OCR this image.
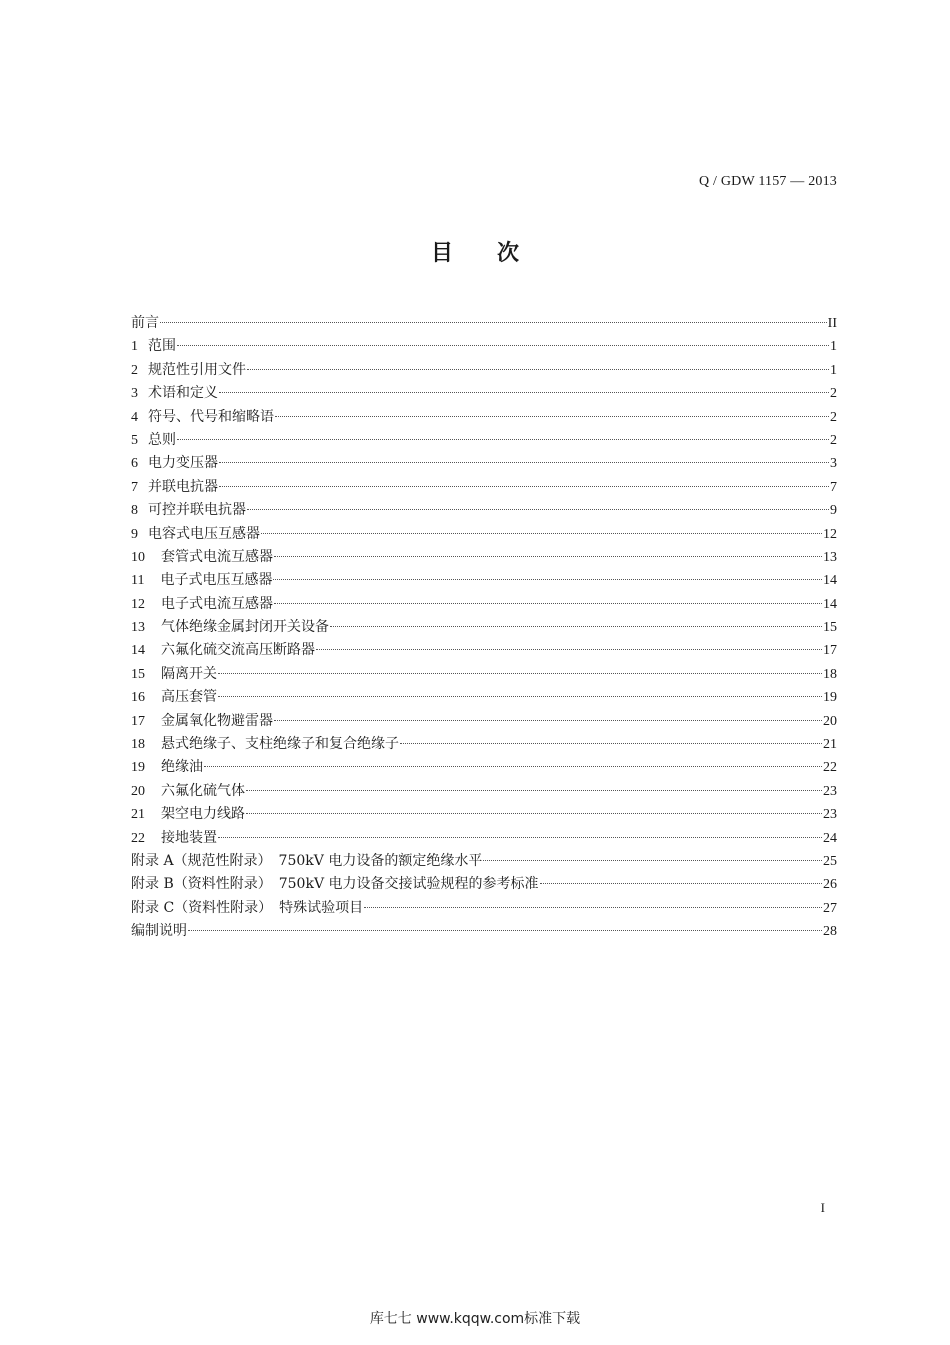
Q / GDW 1157 — 2013
目　　次
前言	II
1 范围	1
2 规范性引用文件	1
3 术语和定义	2
4 符号、代号和缩略语	2
5 总则	2
6 电力变压器	3
7 并联电抗器	7
8 可控并联电抗器	9
9 电容式电压互感器	12
10	套管式电流互感器	13
11	电子式电压互感器	14
12	电子式电流互感器	14
13	气体绝缘金属封闭开关设备	15
14	六氟化硫交流高压断路器	17
15	隔离开关	18
16	高压套管	19
17	金属氧化物避雷器	20
18	悬式绝缘子、支柱绝缘子和复合绝缘子	21
19	绝缘油	22
20	六氟化硫气体	23
21	架空电力线路	23
22	接地装置	24
附录 A（规范性附录）　750kV 电力设备的额定绝缘水平	25
附录 B（资料性附录）　750kV 电力设备交接试验规程的参考标准	26
附录 C（资料性附录）　特殊试验项目	27
编制说明	28
I
库七七 www.kqqw.com标准下载
